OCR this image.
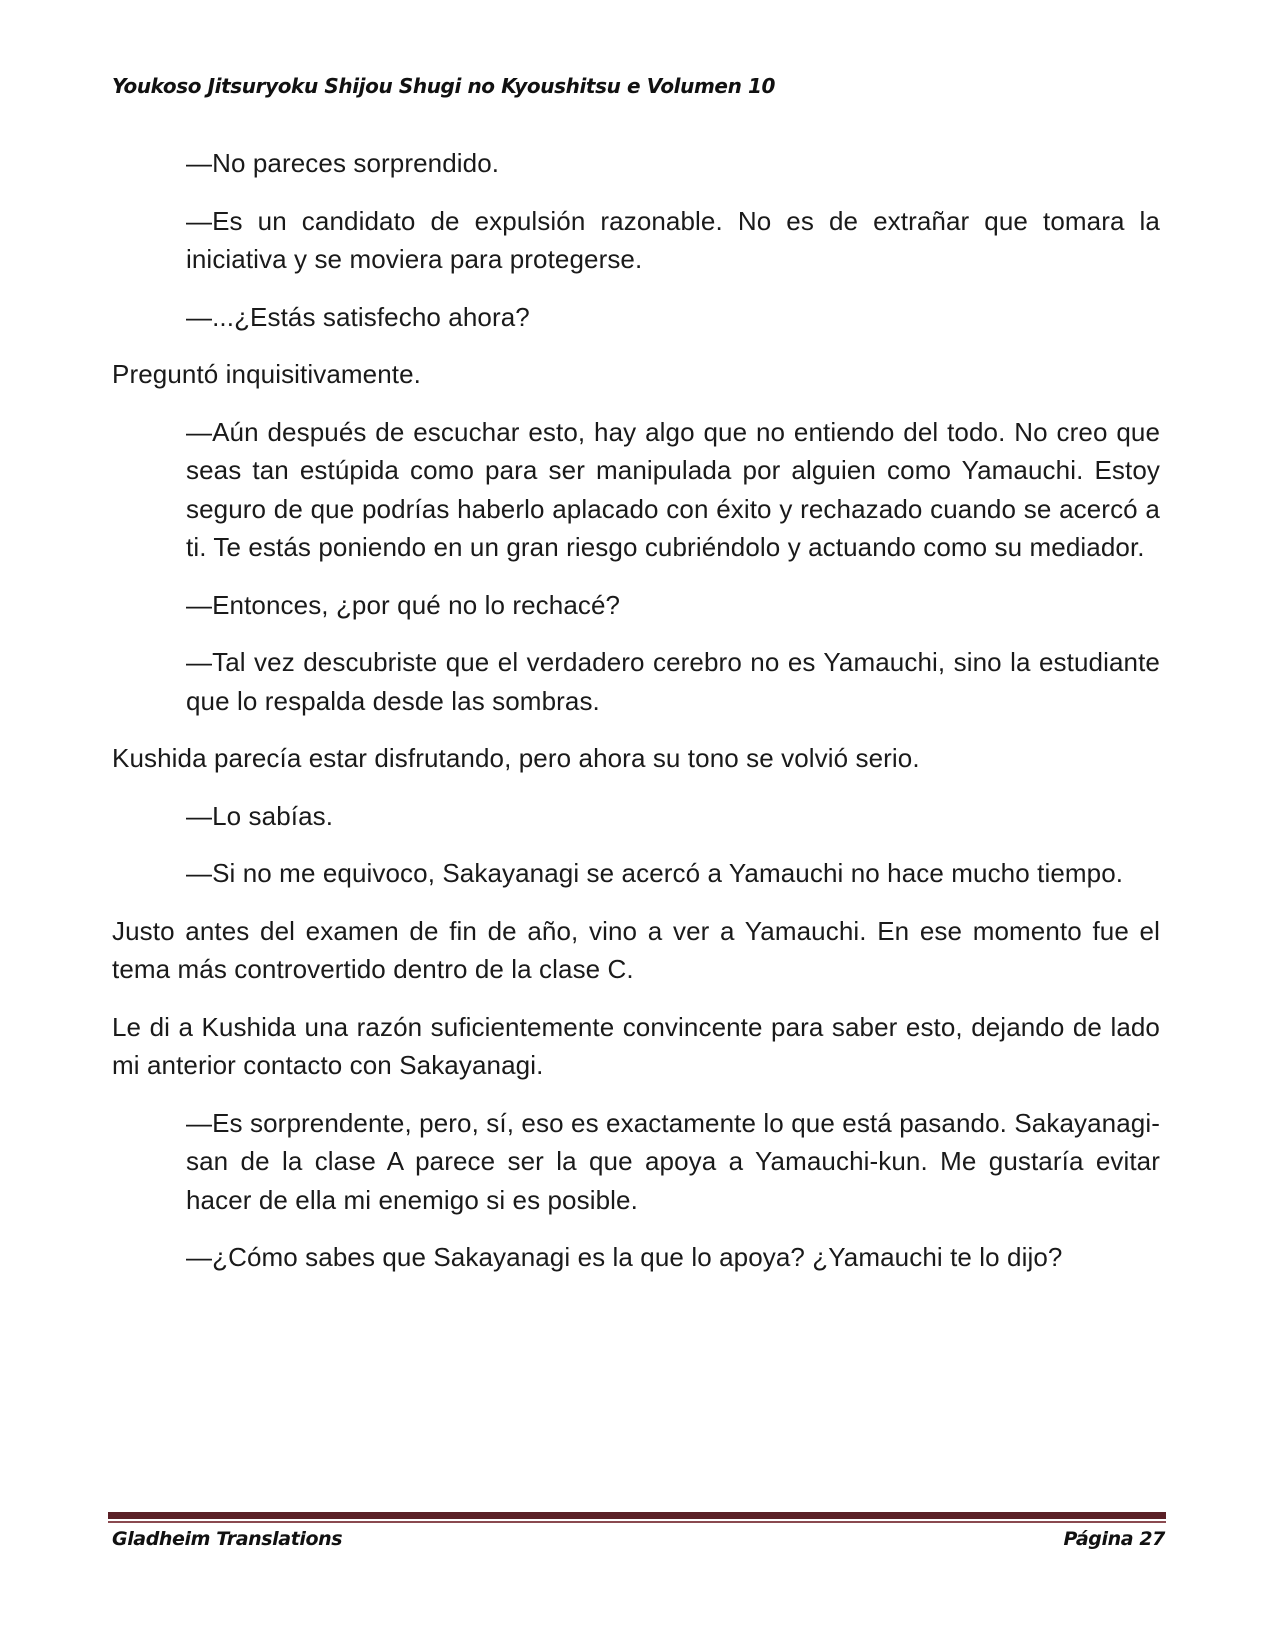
Youkoso Jitsuryoku Shijou Shugi no Kyoushitsu e Volumen 10

—No pareces sorprendido.

—Es un candidato de expulsión razonable. No es de extrañar que tomara la iniciativa y se moviera para protegerse.

—...¿Estás satisfecho ahora?

Preguntó inquisitivamente.

—Aún después de escuchar esto, hay algo que no entiendo del todo. No creo que seas tan estúpida como para ser manipulada por alguien como Yamauchi. Estoy seguro de que podrías haberlo aplacado con éxito y rechazado cuando se acercó a ti. Te estás poniendo en un gran riesgo cubriéndolo y actuando como su mediador.

—Entonces, ¿por qué no lo rechacé?

—Tal vez descubriste que el verdadero cerebro no es Yamauchi, sino la estudiante que lo respalda desde las sombras.

Kushida parecía estar disfrutando, pero ahora su tono se volvió serio.

—Lo sabías.

—Si no me equivoco, Sakayanagi se acercó a Yamauchi no hace mucho tiempo.

Justo antes del examen de fin de año, vino a ver a Yamauchi. En ese momento fue el tema más controvertido dentro de la clase C.

Le di a Kushida una razón suficientemente convincente para saber esto, dejando de lado mi anterior contacto con Sakayanagi.

—Es sorprendente, pero, sí, eso es exactamente lo que está pasando. Sakayanagi-san de la clase A parece ser la que apoya a Yamauchi-kun. Me gustaría evitar hacer de ella mi enemigo si es posible.

—¿Cómo sabes que Sakayanagi es la que lo apoya? ¿Yamauchi te lo dijo?

Gladheim Translations	Página 27
